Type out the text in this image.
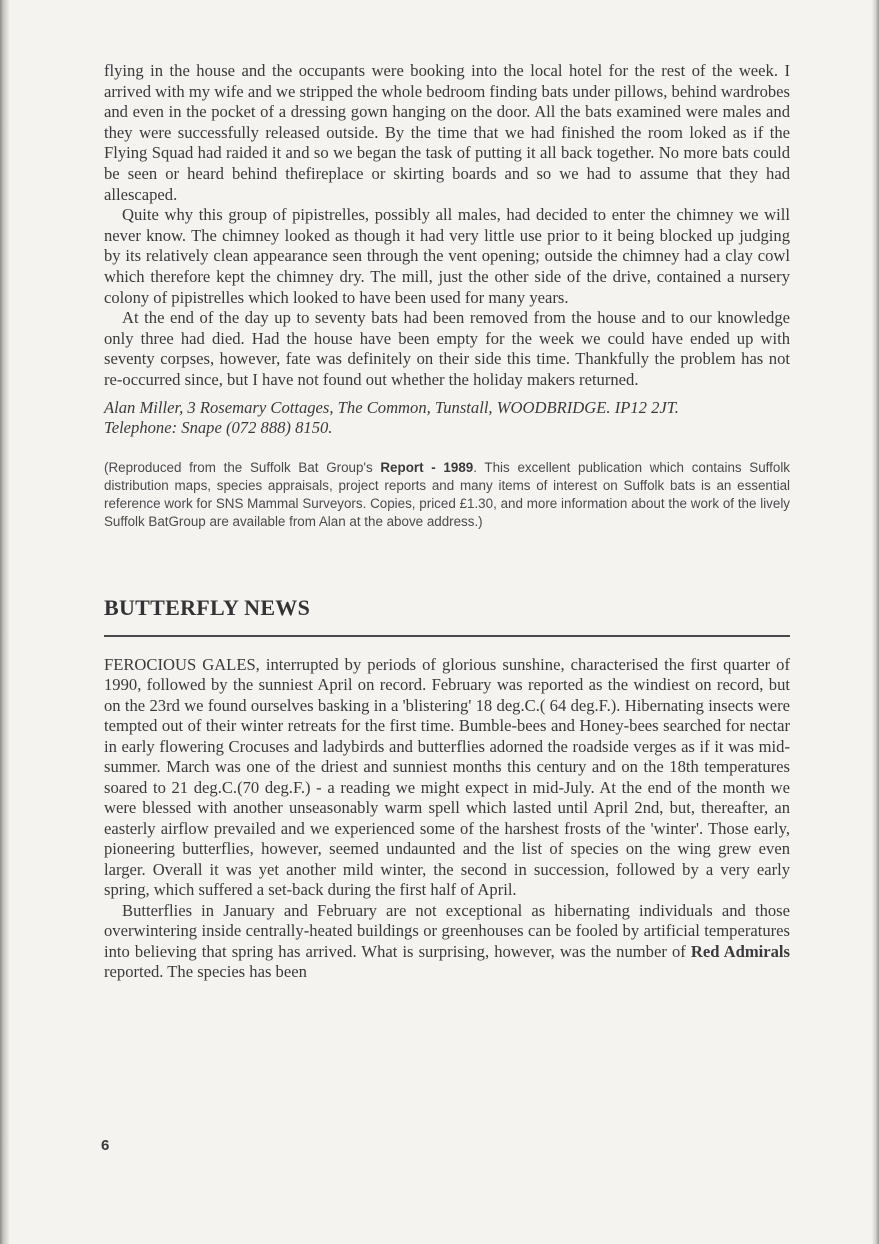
flying in the house and the occupants were booking into the local hotel for the rest of the week. I arrived with my wife and we stripped the whole bedroom finding bats under pillows, behind wardrobes and even in the pocket of a dressing gown hanging on the door. All the bats examined were males and they were successfully released outside. By the time that we had finished the room loked as if the Flying Squad had raided it and so we began the task of putting it all back together. No more bats could be seen or heard behind thefireplace or skirting boards and so we had to assume that they had allescaped.

Quite why this group of pipistrelles, possibly all males, had decided to enter the chimney we will never know. The chimney looked as though it had very little use prior to it being blocked up judging by its relatively clean appearance seen through the vent opening; outside the chimney had a clay cowl which therefore kept the chimney dry. The mill, just the other side of the drive, contained a nursery colony of pipistrelles which looked to have been used for many years.

At the end of the day up to seventy bats had been removed from the house and to our knowledge only three had died. Had the house have been empty for the week we could have ended up with seventy corpses, however, fate was definitely on their side this time. Thankfully the problem has not re-occurred since, but I have not found out whether the holiday makers returned.

Alan Miller, 3 Rosemary Cottages, The Common, Tunstall, WOODBRIDGE. IP12 2JT.
Telephone: Snape (072 888) 8150.

(Reproduced from the Suffolk Bat Group's Report - 1989. This excellent publication which contains Suffolk distribution maps, species appraisals, project reports and many items of interest on Suffolk bats is an essential reference work for SNS Mammal Surveyors. Copies, priced £1.30, and more information about the work of the lively Suffolk BatGroup are available from Alan at the above address.)

BUTTERFLY NEWS

FEROCIOUS GALES, interrupted by periods of glorious sunshine, characterised the first quarter of 1990, followed by the sunniest April on record. February was reported as the windiest on record, but on the 23rd we found ourselves basking in a 'blistering' 18 deg.C.( 64 deg.F.). Hibernating insects were tempted out of their winter retreats for the first time. Bumble-bees and Honey-bees searched for nectar in early flowering Crocuses and ladybirds and butterflies adorned the roadside verges as if it was mid-summer. March was one of the driest and sunniest months this century and on the 18th temperatures soared to 21 deg.C.(70 deg.F.) - a reading we might expect in mid-July. At the end of the month we were blessed with another unseasonably warm spell which lasted until April 2nd, but, thereafter, an easterly airflow prevailed and we experienced some of the harshest frosts of the 'winter'. Those early, pioneering butterflies, however, seemed undaunted and the list of species on the wing grew even larger. Overall it was yet another mild winter, the second in succession, followed by a very early spring, which suffered a set-back during the first half of April.

Butterflies in January and February are not exceptional as hibernating individuals and those overwintering inside centrally-heated buildings or greenhouses can be fooled by artificial temperatures into believing that spring has arrived. What is surprising, however, was the number of Red Admirals reported. The species has been

6
